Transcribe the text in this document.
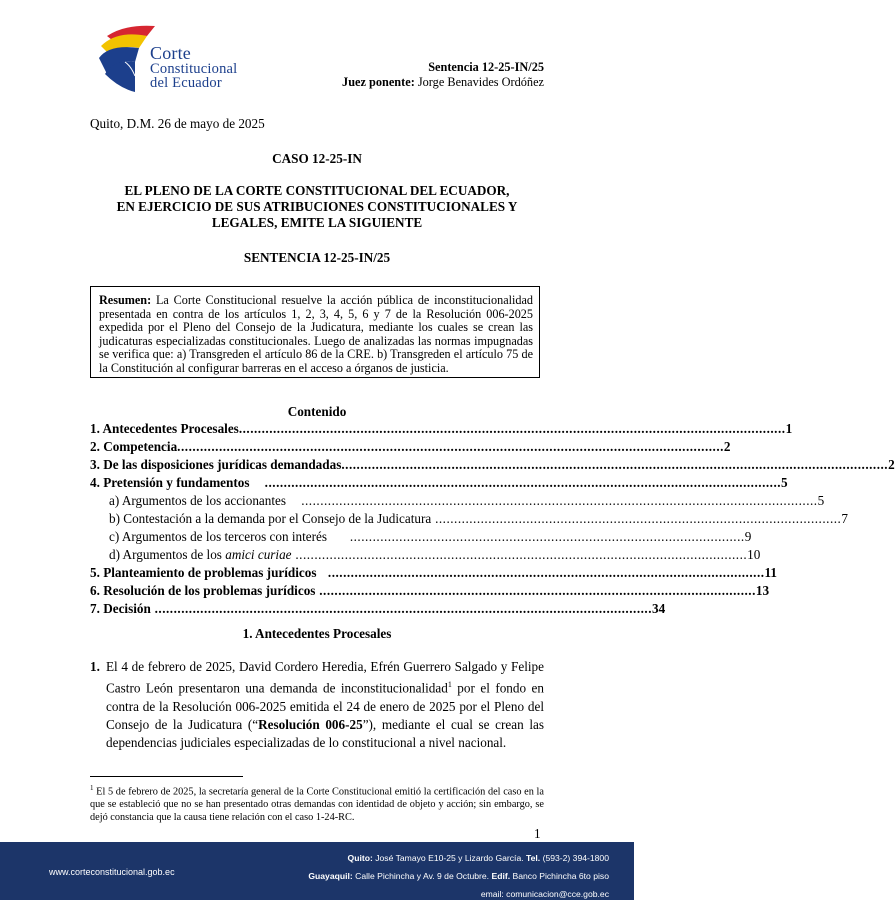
Corte
Constitucional
del Ecuador
Sentencia 12-25-IN/25
Juez ponente: Jorge Benavides Ordóñez
Quito, D.M. 26 de mayo de 2025
CASO 12-25-IN
EL PLENO DE LA CORTE CONSTITUCIONAL DEL ECUADOR,
EN EJERCICIO DE SUS ATRIBUCIONES CONSTITUCIONALES Y
LEGALES, EMITE LA SIGUIENTE
SENTENCIA 12-25-IN/25
Resumen: La Corte Constitucional resuelve la acción pública de inconstitucionalidad presentada en contra de los artículos 1, 2, 3, 4, 5, 6 y 7 de la Resolución 006-2025 expedida por el Pleno del Consejo de la Judicatura, mediante los cuales se crean las judicaturas especializadas constitucionales. Luego de analizadas las normas impugnadas se verifica que: a) Transgreden el artículo 86 de la CRE. b) Transgreden el artículo 75 de la Constitución al configurar barreras en el acceso a órganos de justicia.
Contenido
1. Antecedentes Procesales ................................................................................................................................................ 1
2. Competencia ................................................................................................................................................ 2
3. De las disposiciones jurídicas demandadas ................................................................................................................................................ 2
4. Pretensión y fundamentos ........................................................................................................................................ 5
a) Argumentos de los accionantes ........................................................................................................................................ 5
b) Contestación a la demanda por el Consejo de la Judicatura ........................................................................................................... 7
c) Argumentos de los terceros con interés ........................................................................................................ 9
d) Argumentos de los amici curiae ....................................................................................................................... 10
5. Planteamiento de problemas jurídicos ................................................................................................................... 11
6. Resolución de los problemas jurídicos ................................................................................................................... 13
7. Decisión ................................................................................................................................... 34
1. Antecedentes Procesales
1. El 4 de febrero de 2025, David Cordero Heredia, Efrén Guerrero Salgado y Felipe Castro León presentaron una demanda de inconstitucionalidad$^1$ por el fondo en contra de la Resolución 006-2025 emitida el 24 de enero de 2025 por el Pleno del Consejo de la Judicatura (“Resolución 006-25”), mediante el cual se crean las dependencias judiciales especializadas de lo constitucional a nivel nacional.
$^1$ El 5 de febrero de 2025, la secretaría general de la Corte Constitucional emitió la certificación del caso en la que se estableció que no se han presentado otras demandas con identidad de objeto y acción; sin embargo, se dejó constancia que la causa tiene relación con el caso 1-24-RC.
1
www.corteconstitucional.gob.ec
Quito: José Tamayo E10-25 y Lizardo García. Tel. (593-2) 394-1800
Guayaquil: Calle Pichincha y Av. 9 de Octubre. Edif. Banco Pichincha 6to piso
email: comunicacion@cce.gob.ec
